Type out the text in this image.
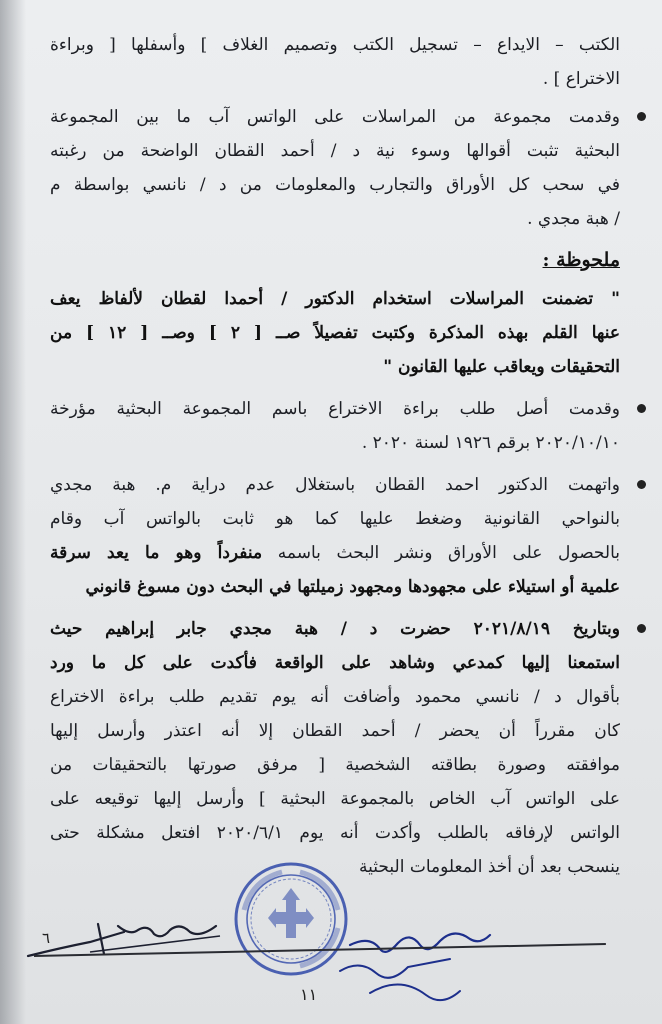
الكتب – الايداع – تسجيل الكتب وتصميم الغلاف ] وأسفلها [ وبراءة
الاختراع ] .
وقدمت مجموعة من المراسلات على الواتس آب ما بين المجموعة
البحثية تثبت أقوالها وسوء نية د / أحمد القطان الواضحة من رغبته
في سحب كل الأوراق والتجارب والمعلومات من د / نانسي بواسطة م
/ هبة مجدي .
ملحوظة :
" تضمنت المراسلات استخدام الدكتور / أحمدا لقطان لألفاظ يعف
عنها القلم بهذه المذكرة وكتبت تفصيلاً صــ [ ٢ ] وصــ [ ١٢ ] من
التحقيقات ويعاقب عليها القانون "
وقدمت أصل طلب براءة الاختراع باسم المجموعة البحثية مؤرخة
٢٠٢٠/١٠/١٠ برقم ١٩٢٦ لسنة ٢٠٢٠ .
واتهمت الدكتور احمد القطان باستغلال عدم دراية م. هبة مجدي
بالنواحي القانونية وضغط عليها كما هو ثابت بالواتس آب وقام
بالحصول على الأوراق ونشر البحث باسمه منفرداً وهو ما يعد سرقة
علمية أو استيلاء على مجهودها ومجهود زميلتها في البحث دون مسوغ قانوني
وبتاريخ ٢٠٢١/٨/١٩ حضرت د / هبة مجدي جابر إبراهيم حيث
استمعنا إليها كمدعي وشاهد على الواقعة فأكدت على كل ما ورد
بأقوال د / نانسي محمود وأضافت أنه يوم تقديم طلب براءة الاختراع
كان مقرراً أن يحضر / أحمد القطان إلا أنه اعتذر وأرسل إليها
موافقته وصورة بطاقته الشخصية [ مرفق صورتها بالتحقيقات من
على الواتس آب الخاص بالمجموعة البحثية ] وأرسل إليها توقيعه على
الواتس لإرفاقه بالطلب وأكدت أنه يوم ٢٠٢٠/٦/١ افتعل مشكلة حتى
ينسحب بعد أن أخذ المعلومات البحثية
٦
١١
